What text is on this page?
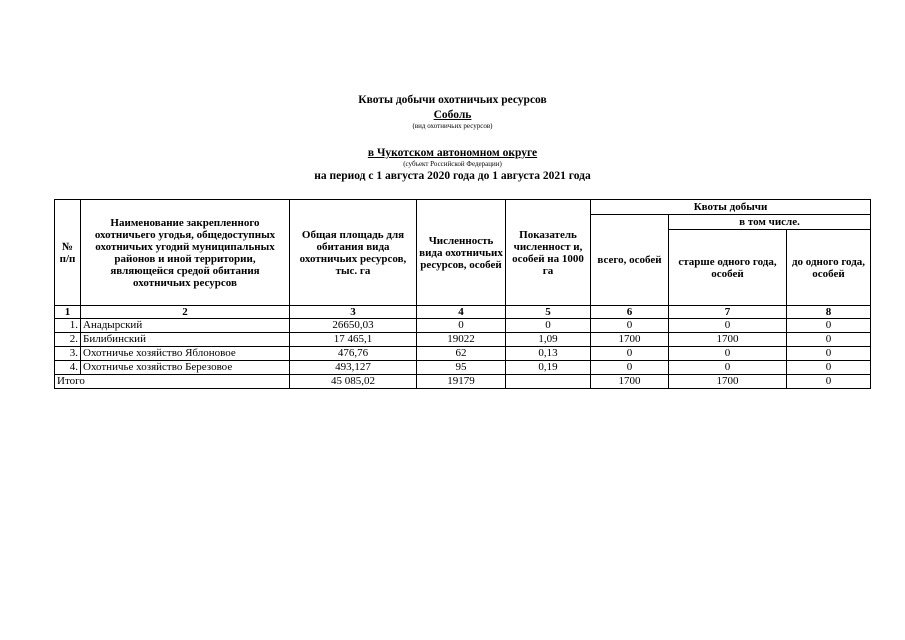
Квоты добычи охотничьих ресурсов
Соболь
(вид охотничьих ресурсов)
в Чукотском автономном округе
(субъект Российской Федерации)
на период с 1 августа 2020 года до 1 августа 2021 года
№ п/п	Наименование закрепленного охотничьего угодья, общедоступных охотничьих угодий муниципальных районов и иной территории, являющейся средой обитания охотничьих ресурсов	Общая площадь для обитания вида охотничьих ресурсов, тыс. га	Численность вида охотничьих ресурсов, особей	Показатель численност и, особей на 1000 га	Квоты добычи		
					всего, особей	в том числе.	
						старше одного года, особей	до одного года, особей
1	2	3	4	5	6	7	8
1.	Анадырский	26650,03	0	0	0	0	0
2.	Билибинский	17 465,1	19022	1,09	1700	1700	0
3.	Охотничье хозяйство Яблоновое	476,76	62	0,13	0	0	0
4.	Охотничье хозяйство Березовое	493,127	95	0,19	0	0	0
Итого		45 085,02	19179		1700	1700	0
